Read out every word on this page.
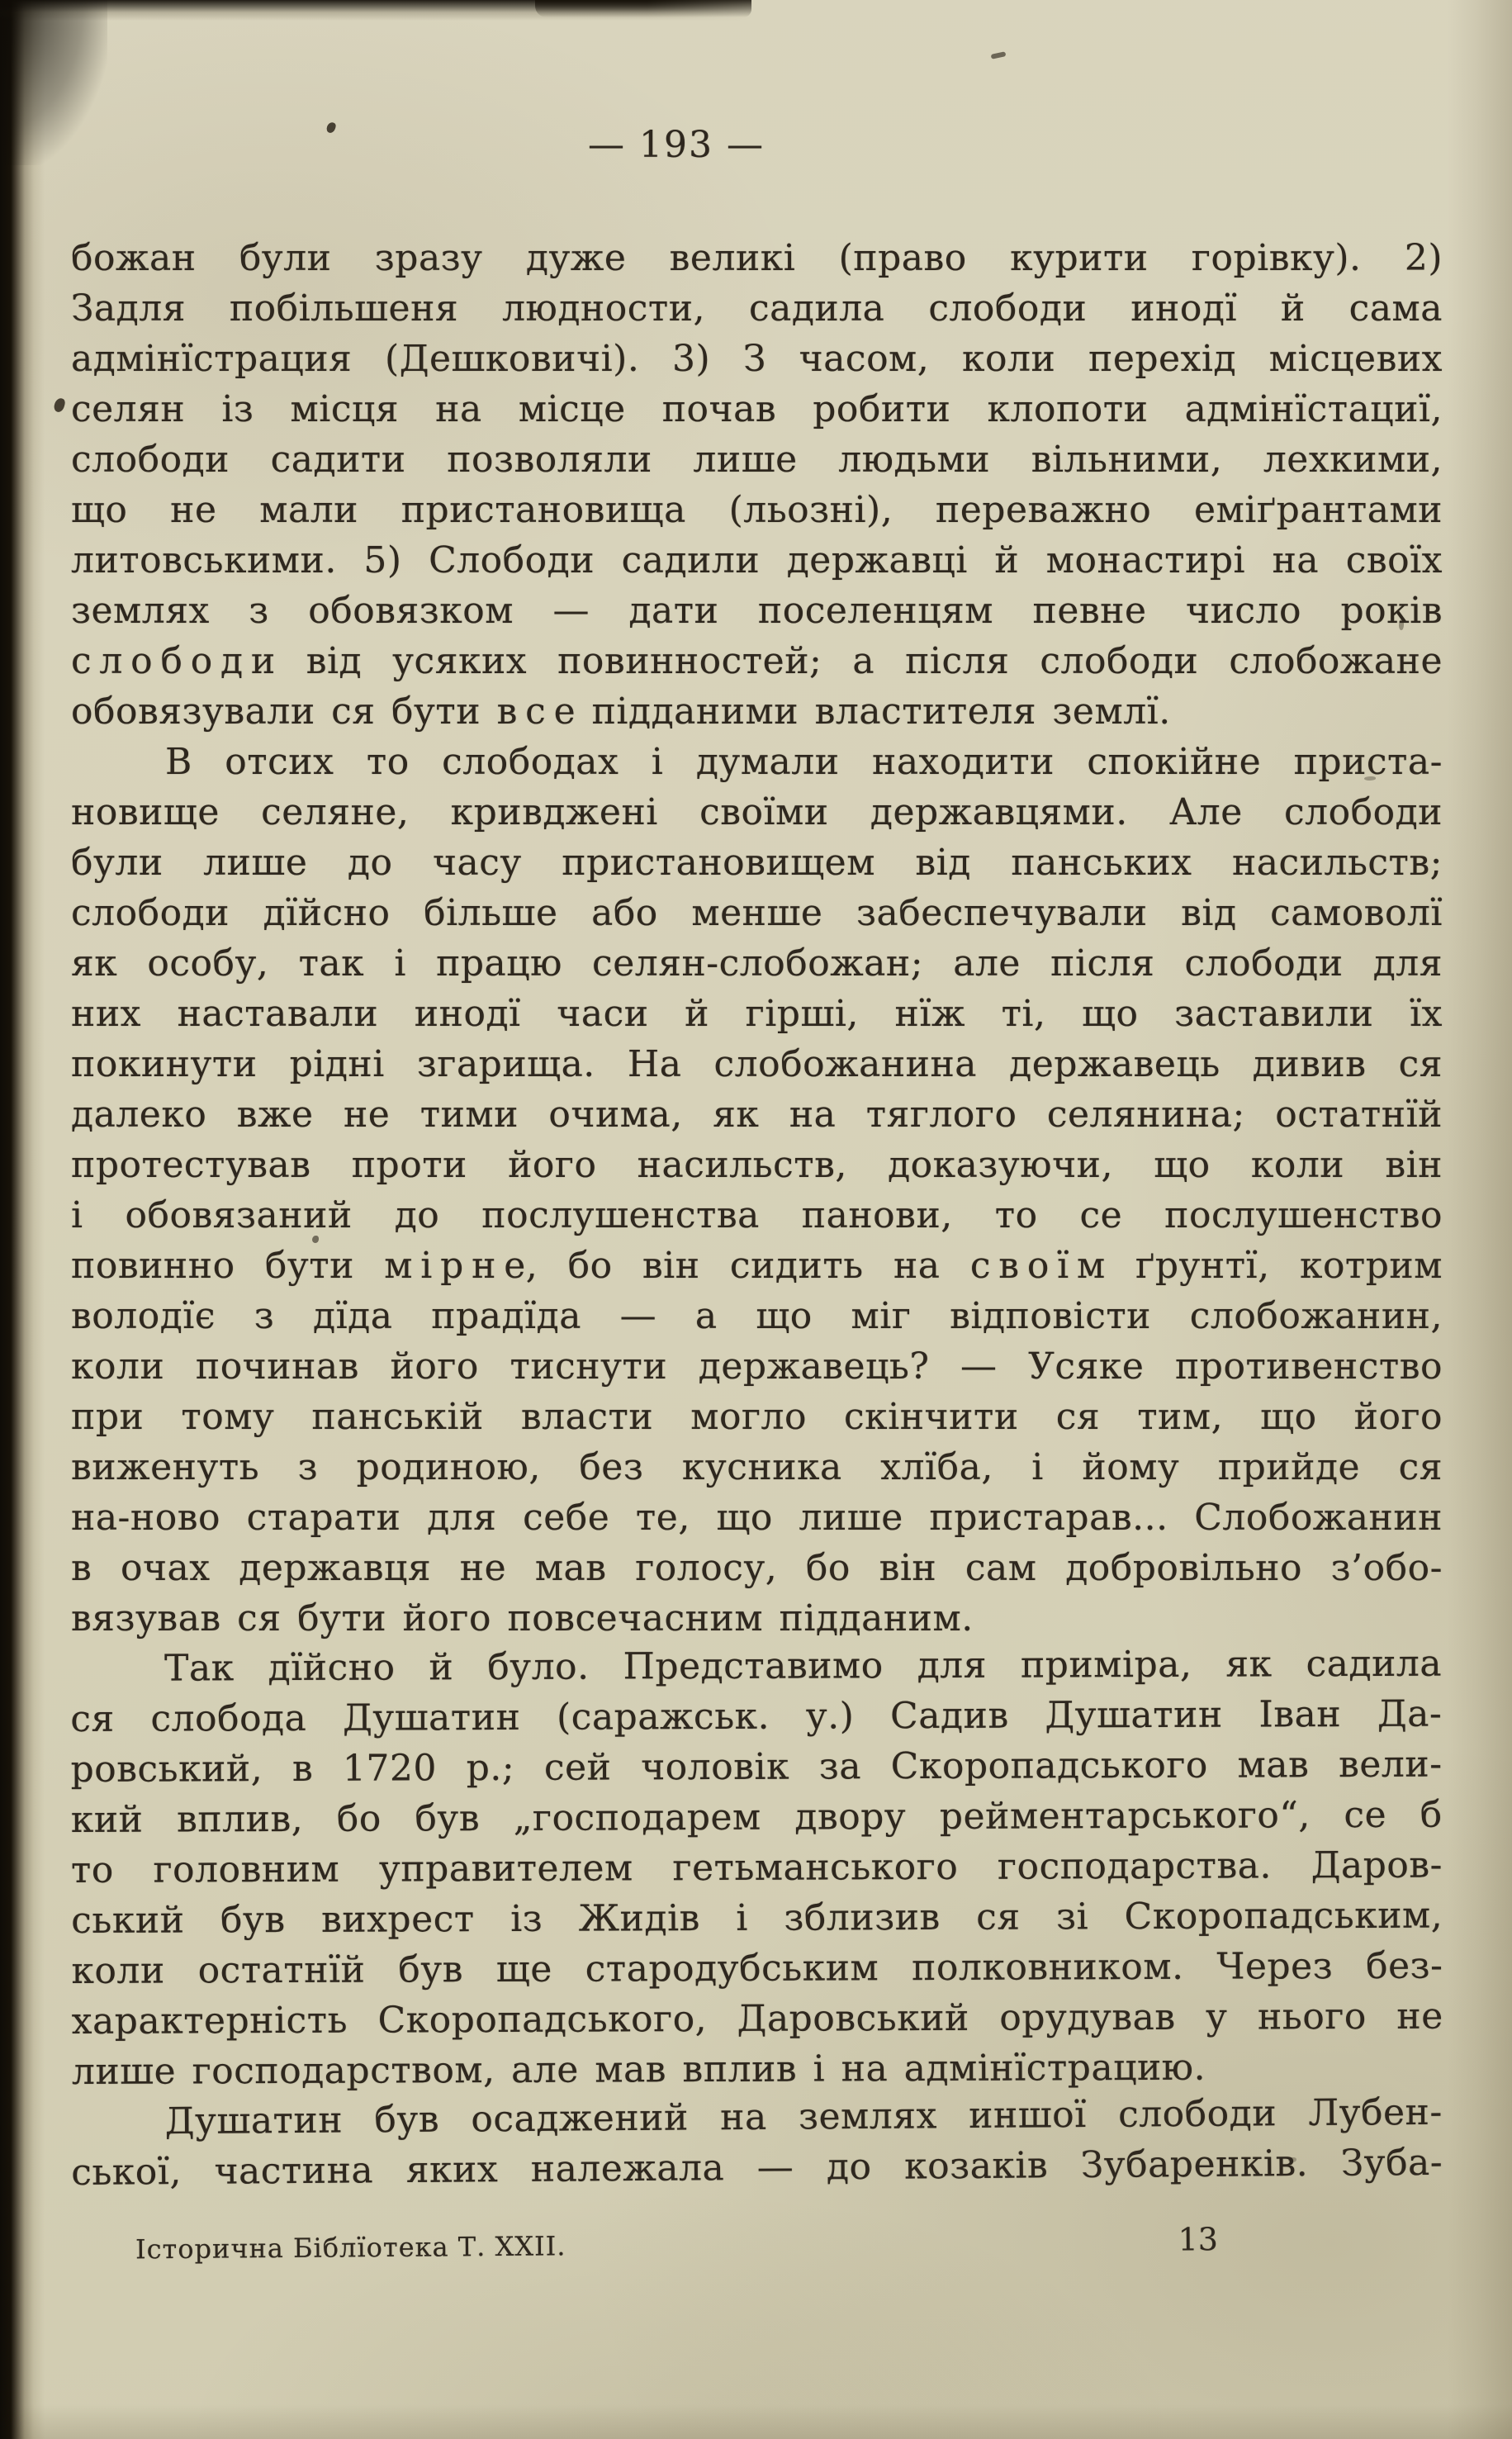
— 193 —
божан були зразу дуже великі (право курити горівку). 2)
Задля побільшеня людности, садила слободи инодї й сама
адмінїстрация (Дешковичі). 3) З часом, коли перехід місцевих
селян із місця на місце почав робити клопоти адмінїстациї,
слободи садити позволяли лише людьми вільними, лехкими,
що не мали пристановища (льозні), переважно еміґрантами
литовськими. 5) Слободи садили державці й монастирі на своїх
землях з обовязком — дати поселенцям певне число років
с л о б о д и від усяких повинностей; а після слободи слобожане
обовязували ся бути в с е підданими властителя землї.
В отсих то слободах і думали находити спокійне приста-
новище селяне, кривджені своїми державцями. Але слободи
були лише до часу пристановищем від панських насильств;
слободи дїйсно більше або менше забеспечували від самоволї
як особу, так і працю селян-слобожан; але після слободи для
них наставали инодї часи й гірші, нїж ті, що заставили їх
покинути рідні згарища. На слобожанина державець дивив ся
далеко вже не тими очима, як на тяглого селянина; остатнїй
протестував проти його насильств, доказуючи, що коли він
і обовязаний до послушенства панови, то се послушенство
повинно бути м і р н е, бо він сидить на с в о ї м ґрунтї, котрим
володїє з дїда прадїда — а що міг відповісти слобожанин,
коли починав його тиснути державець? — Усяке противенство
при тому панській власти могло скінчити ся тим, що його
виженуть з родиною, без кусника хлїба, і йому прийде ся
на-ново старати для себе те, що лише пристарав... Слобожанин
в очах державця не мав голосу, бо він сам добровільно з’обо-
вязував ся бути його повсечасним підданим.
Так дїйсно й було. Представимо для приміра, як садила
ся слобода Душатин (саражськ. у.) Садив Душатин Іван Да-
ровський, в 1720 р.; сей чоловік за Скоропадського мав вели-
кий вплив, бо був „господарем двору рейментарського“, се б
то головним управителем гетьманського господарства. Даров-
ський був вихрест із Жидів і зблизив ся зі Скоропадським,
коли остатнїй був ще стародубським полковником. Через без-
характерність Скоропадського, Даровський орудував у нього не
лише господарством, але мав вплив і на адмінїстрацию.
Душатин був осаджений на землях иншої слободи Лубен-
ської, частина яких належала — до козаків Зубаренків. Зуба-
Історична Біблїотека Т. XXII.	13
